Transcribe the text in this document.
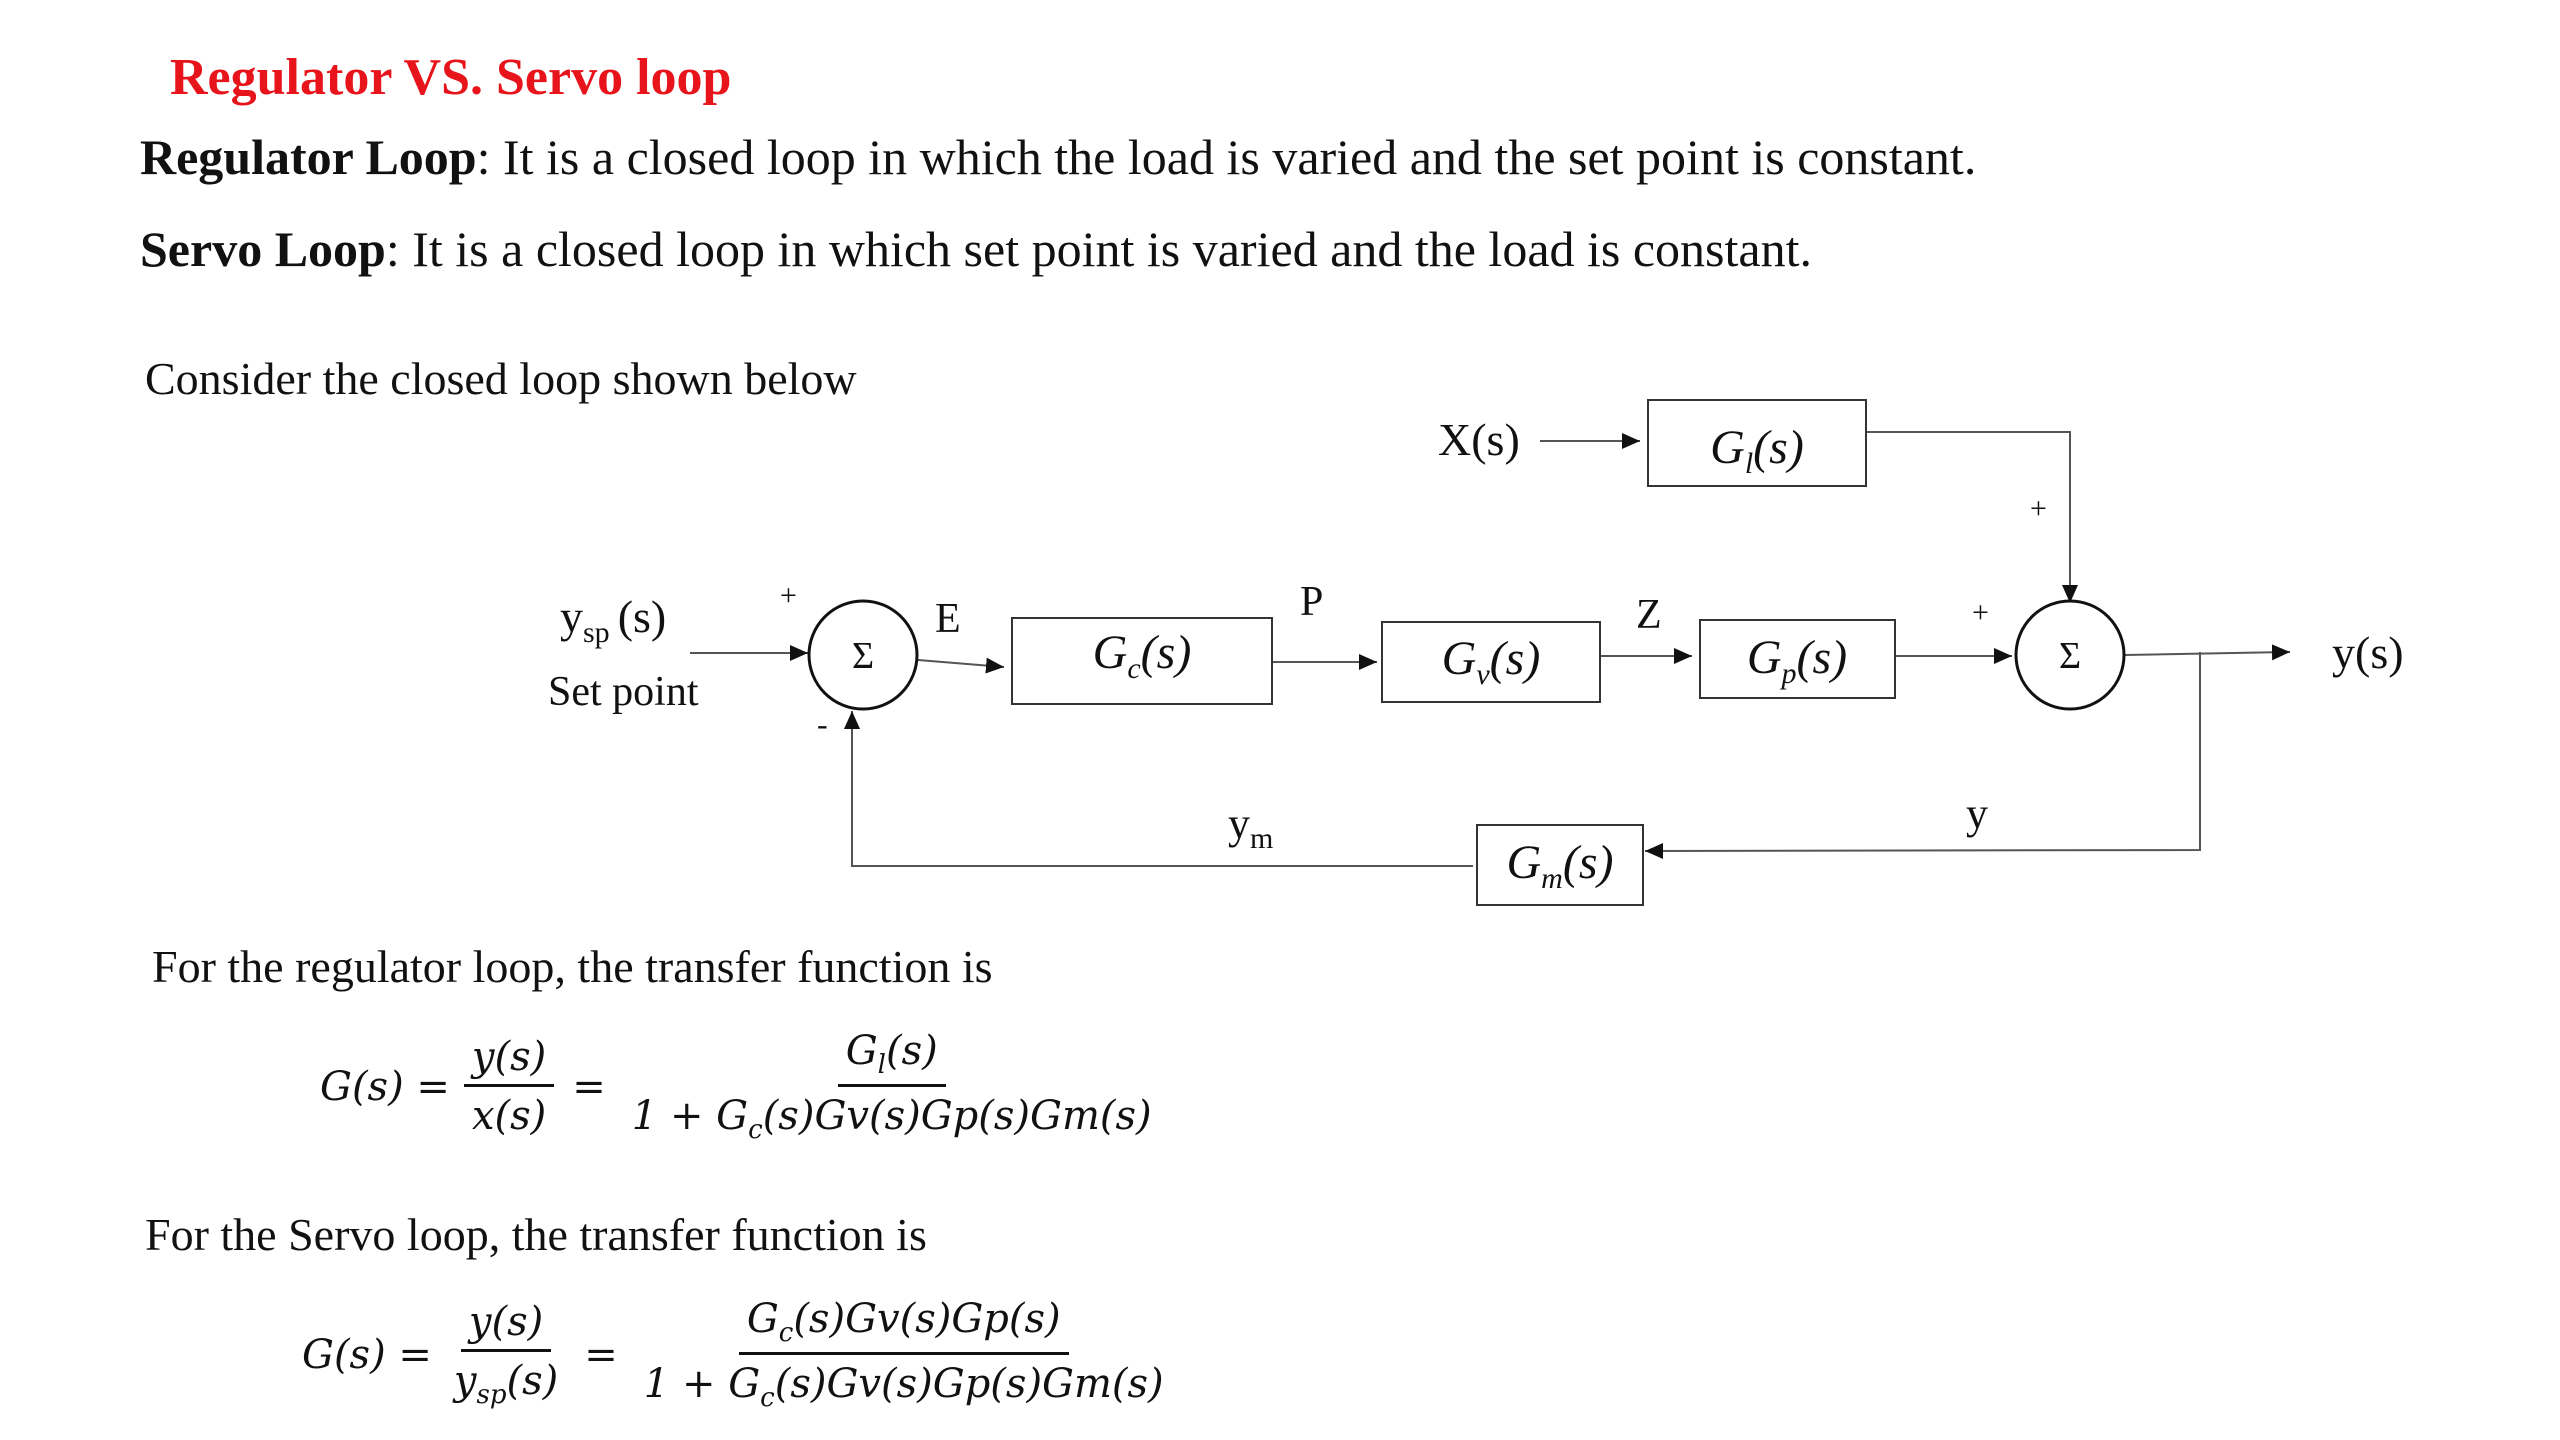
Regulator VS. Servo loop

Regulator Loop: It is a closed loop in which the load is varied and the set point is constant.

Servo Loop: It is a closed loop in which set point is varied and the load is constant.

Consider the closed loop shown below

Σ	Σ
$G_l(s)$
$G_c(s)$	$G_v(s)$	$G_p(s)$
$G_m(s)$
X(s)
$y_{sp}$ (s)
Set point
y(s)
E	P	Z
y
$y_m$
+
-
+
+

For the regulator loop, the transfer function is

$G(s) = \frac{y(s)}{x(s)} = \frac{G_l(s)}{1 + G_c(s)Gv(s)Gp(s)Gm(s)}$

For the Servo loop, the transfer function is

$G(s) = \frac{y(s)}{y_{sp}(s)} = \frac{G_c(s)Gv(s)Gp(s)}{1 + G_c(s)Gv(s)Gp(s)Gm(s)}$
